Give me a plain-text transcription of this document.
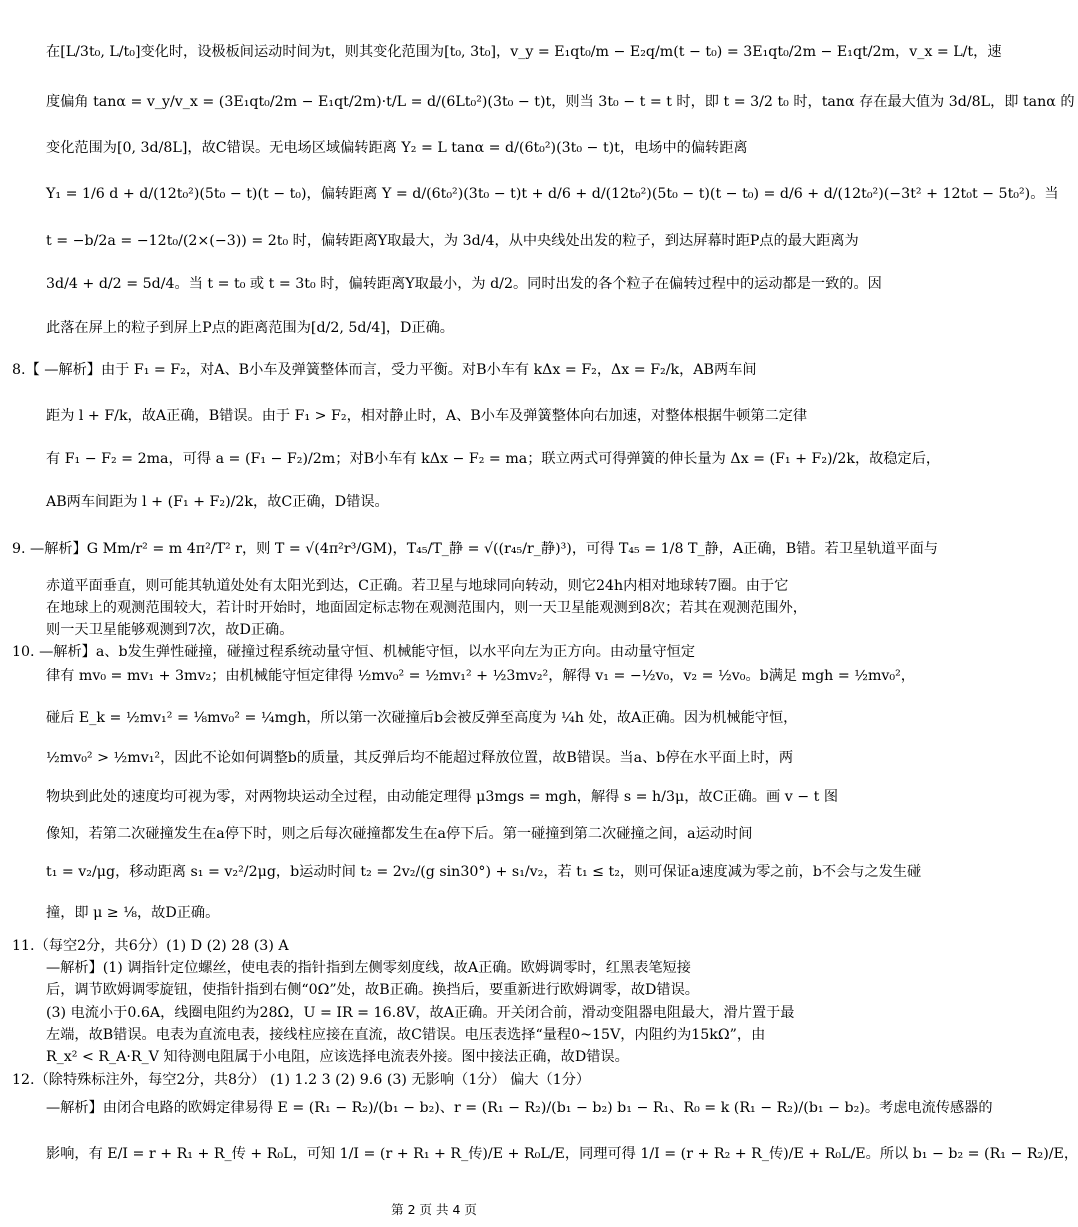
在[L/3t₀, L/t₀]变化时，设极板间运动时间为t，则其变化范围为[t₀, 3t₀]，v_y = E₁qt₀/m − E₂q/m(t − t₀) = 3E₁qt₀/2m − E₁qt/2m，v_x = L/t，速
度偏角 tanα = v_y/v_x = (3E₁qt₀/2m − E₁qt/2m)·t/L = d/(6Lt₀²)(3t₀ − t)t，则当 3t₀ − t = t 时，即 t = 3/2 t₀ 时，tanα 存在最大值为 3d/8L，即 tanα 的
变化范围为[0, 3d/8L]，故C错误。无电场区域偏转距离 Y₂ = L tanα = d/(6t₀²)(3t₀ − t)t，电场中的偏转距离
Y₁ = 1/6 d + d/(12t₀²)(5t₀ − t)(t − t₀)，偏转距离 Y = d/(6t₀²)(3t₀ − t)t + d/6 + d/(12t₀²)(5t₀ − t)(t − t₀) = d/6 + d/(12t₀²)(−3t² + 12t₀t − 5t₀²)。当
t = −b/2a = −12t₀/(2×(−3)) = 2t₀ 时，偏转距离Y取最大，为 3d/4，从中央线处出发的粒子，到达屏幕时距P点的最大距离为
3d/4 + d/2 = 5d/4。当 t = t₀ 或 t = 3t₀ 时，偏转距离Y取最小，为 d/2。同时出发的各个粒子在偏转过程中的运动都是一致的。因
此落在屏上的粒子到屏上P点的距离范围为[d/2, 5d/4]，D正确。
8.【 —解析】由于 F₁ = F₂，对A、B小车及弹簧整体而言，受力平衡。对B小车有 kΔx = F₂，Δx = F₂/k，AB两车间
距为 l + F/k，故A正确，B错误。由于 F₁ > F₂，相对静止时，A、B小车及弹簧整体向右加速，对整体根据牛顿第二定律
有 F₁ − F₂ = 2ma，可得 a = (F₁ − F₂)/2m；对B小车有 kΔx − F₂ = ma；联立两式可得弹簧的伸长量为 Δx = (F₁ + F₂)/2k，故稳定后，
AB两车间距为 l + (F₁ + F₂)/2k，故C正确，D错误。
9. —解析】G Mm/r² = m 4π²/T² r，则 T = √(4π²r³/GM)，T₄₅/T_静 = √((r₄₅/r_静)³)，可得 T₄₅ = 1/8 T_静，A正确，B错。若卫星轨道平面与
赤道平面垂直，则可能其轨道处处有太阳光到达，C正确。若卫星与地球同向转动，则它24h内相对地球转7圈。由于它
在地球上的观测范围较大，若计时开始时，地面固定标志物在观测范围内，则一天卫星能观测到8次；若其在观测范围外，
则一天卫星能够观测到7次，故D正确。
10. —解析】a、b发生弹性碰撞，碰撞过程系统动量守恒、机械能守恒，以水平向左为正方向。由动量守恒定
律有 mv₀ = mv₁ + 3mv₂；由机械能守恒定律得 ½mv₀² = ½mv₁² + ½3mv₂²，解得 v₁ = −½v₀，v₂ = ½v₀。b满足 mgh = ½mv₀²，
碰后 E_k = ½mv₁² = ⅛mv₀² = ¼mgh，所以第一次碰撞后b会被反弹至高度为 ¼h 处，故A正确。因为机械能守恒，
½mv₀² > ½mv₁²，因此不论如何调整b的质量，其反弹后均不能超过释放位置，故B错误。当a、b停在水平面上时，两
物块到此处的速度均可视为零，对两物块运动全过程，由动能定理得 μ3mgs = mgh，解得 s = h/3μ，故C正确。画 v − t 图
像知，若第二次碰撞发生在a停下时，则之后每次碰撞都发生在a停下后。第一碰撞到第二次碰撞之间，a运动时间
t₁ = v₂/μg，移动距离 s₁ = v₂²/2μg，b运动时间 t₂ = 2v₂/(g sin30°) + s₁/v₂，若 t₁ ≤ t₂，则可保证a速度减为零之前，b不会与之发生碰
撞，即 μ ≥ ⅛，故D正确。
11.（每空2分，共6分）(1) D (2) 28 (3) A
—解析】(1) 调指针定位螺丝，使电表的指针指到左侧零刻度线，故A正确。欧姆调零时，红黑表笔短接
后，调节欧姆调零旋钮，使指针指到右侧“0Ω”处，故B正确。换挡后，要重新进行欧姆调零，故D错误。
(3) 电流小于0.6A，线圈电阻约为28Ω，U = IR = 16.8V，故A正确。开关闭合前，滑动变阻器电阻最大，滑片置于最
左端，故B错误。电表为直流电表，接线柱应接在直流，故C错误。电压表选择“量程0~15V，内阻约为15kΩ”，由
R_x² < R_A·R_V 知待测电阻属于小电阻，应该选择电流表外接。图中接法正确，故D错误。
12.（除特殊标注外，每空2分，共8分） (1) 1.2 3 (2) 9.6 (3) 无影响（1分） 偏大（1分）
—解析】由闭合电路的欧姆定律易得 E = (R₁ − R₂)/(b₁ − b₂)、r = (R₁ − R₂)/(b₁ − b₂) b₁ − R₁、R₀ = k (R₁ − R₂)/(b₁ − b₂)。考虑电流传感器的
影响，有 E/I = r + R₁ + R_传 + R₀L，可知 1/I = (r + R₁ + R_传)/E + R₀L/E，同理可得 1/I = (r + R₂ + R_传)/E + R₀L/E。所以 b₁ − b₂ = (R₁ − R₂)/E，
第 2 页 共 4 页
